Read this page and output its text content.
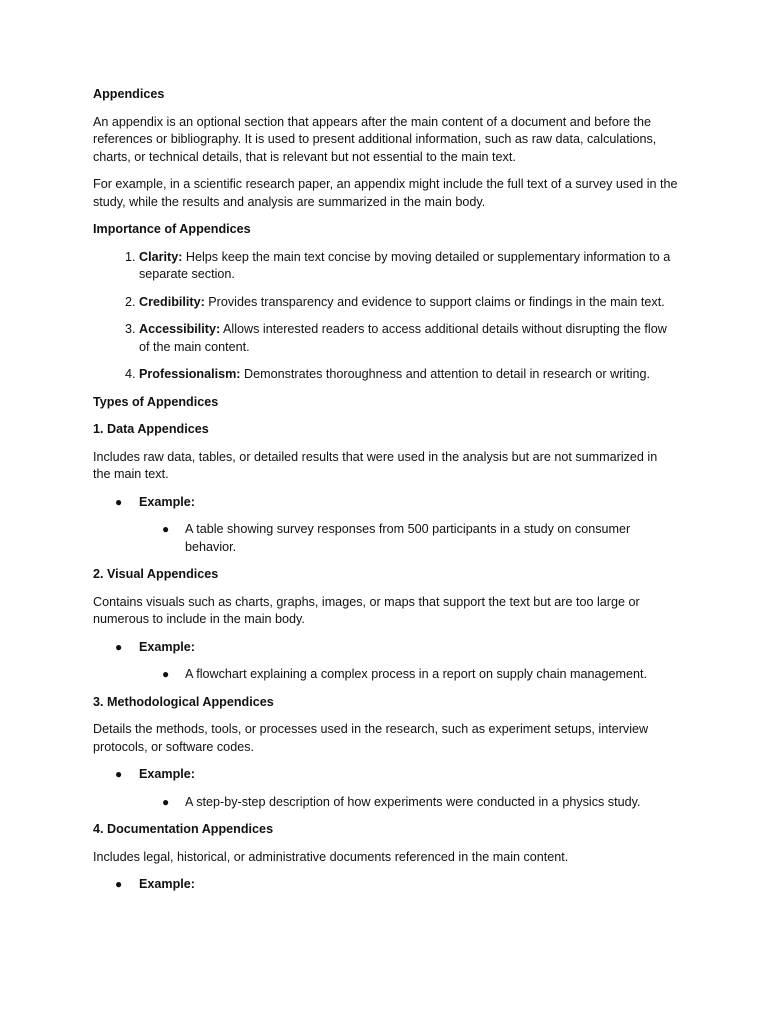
Appendices

An appendix is an optional section that appears after the main content of a document and before the references or bibliography. It is used to present additional information, such as raw data, calculations, charts, or technical details, that is relevant but not essential to the main text.

For example, in a scientific research paper, an appendix might include the full text of a survey used in the study, while the results and analysis are summarized in the main body.

Importance of Appendices

1. Clarity: Helps keep the main text concise by moving detailed or supplementary information to a separate section.
2. Credibility: Provides transparency and evidence to support claims or findings in the main text.
3. Accessibility: Allows interested readers to access additional details without disrupting the flow of the main content.
4. Professionalism: Demonstrates thoroughness and attention to detail in research or writing.

Types of Appendices

1. Data Appendices

Includes raw data, tables, or detailed results that were used in the analysis but are not summarized in the main text.

● Example:
● A table showing survey responses from 500 participants in a study on consumer behavior.

2. Visual Appendices

Contains visuals such as charts, graphs, images, or maps that support the text but are too large or numerous to include in the main body.

● Example:
● A flowchart explaining a complex process in a report on supply chain management.

3. Methodological Appendices

Details the methods, tools, or processes used in the research, such as experiment setups, interview protocols, or software codes.

● Example:
● A step-by-step description of how experiments were conducted in a physics study.

4. Documentation Appendices

Includes legal, historical, or administrative documents referenced in the main content.

● Example:
